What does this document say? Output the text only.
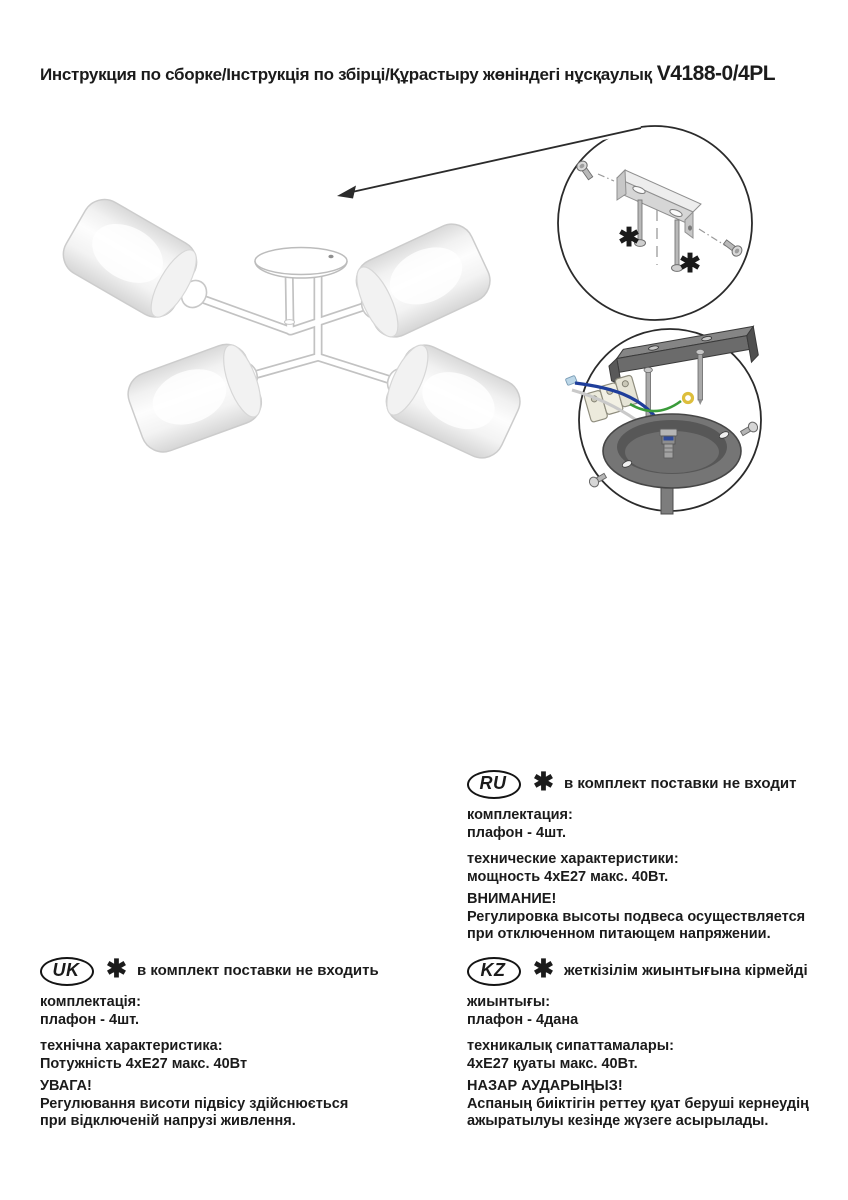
Инструкция по сборке/Інструкція по збірці/Құрастыру жөніндегі нұсқаулық V4188-0/4PL
✱
✱
RU	✱ в комплект поставки не входит

комплектация:

плафон - 4шт.

технические характеристики:

мощность 4хЕ27 макс. 40Вт.

ВНИМАНИЕ!

Регулировка высоты подвеса осуществляется

при отключенном питающем напряжении.

UK	✱ в комплект поставки не входить

комплектація:

плафон - 4шт.

технічна характеристика:

Потужність 4хЕ27 макс. 40Вт

УВАГА!

Регулювання висоти підвісу здійснюється

при відключеній напрузі живлення.

KZ	✱ жеткізілім жиынтығына кірмейді

жиынтығы:

плафон - 4дана

техникалық сипаттамалары:

4хЕ27 қуаты макс. 40Вт.

НАЗАР АУДАРЫҢЫЗ!

Аспаның биіктігін реттеу қуат беруші кернеудің

ажыратылуы кезінде жүзеге асырылады.
